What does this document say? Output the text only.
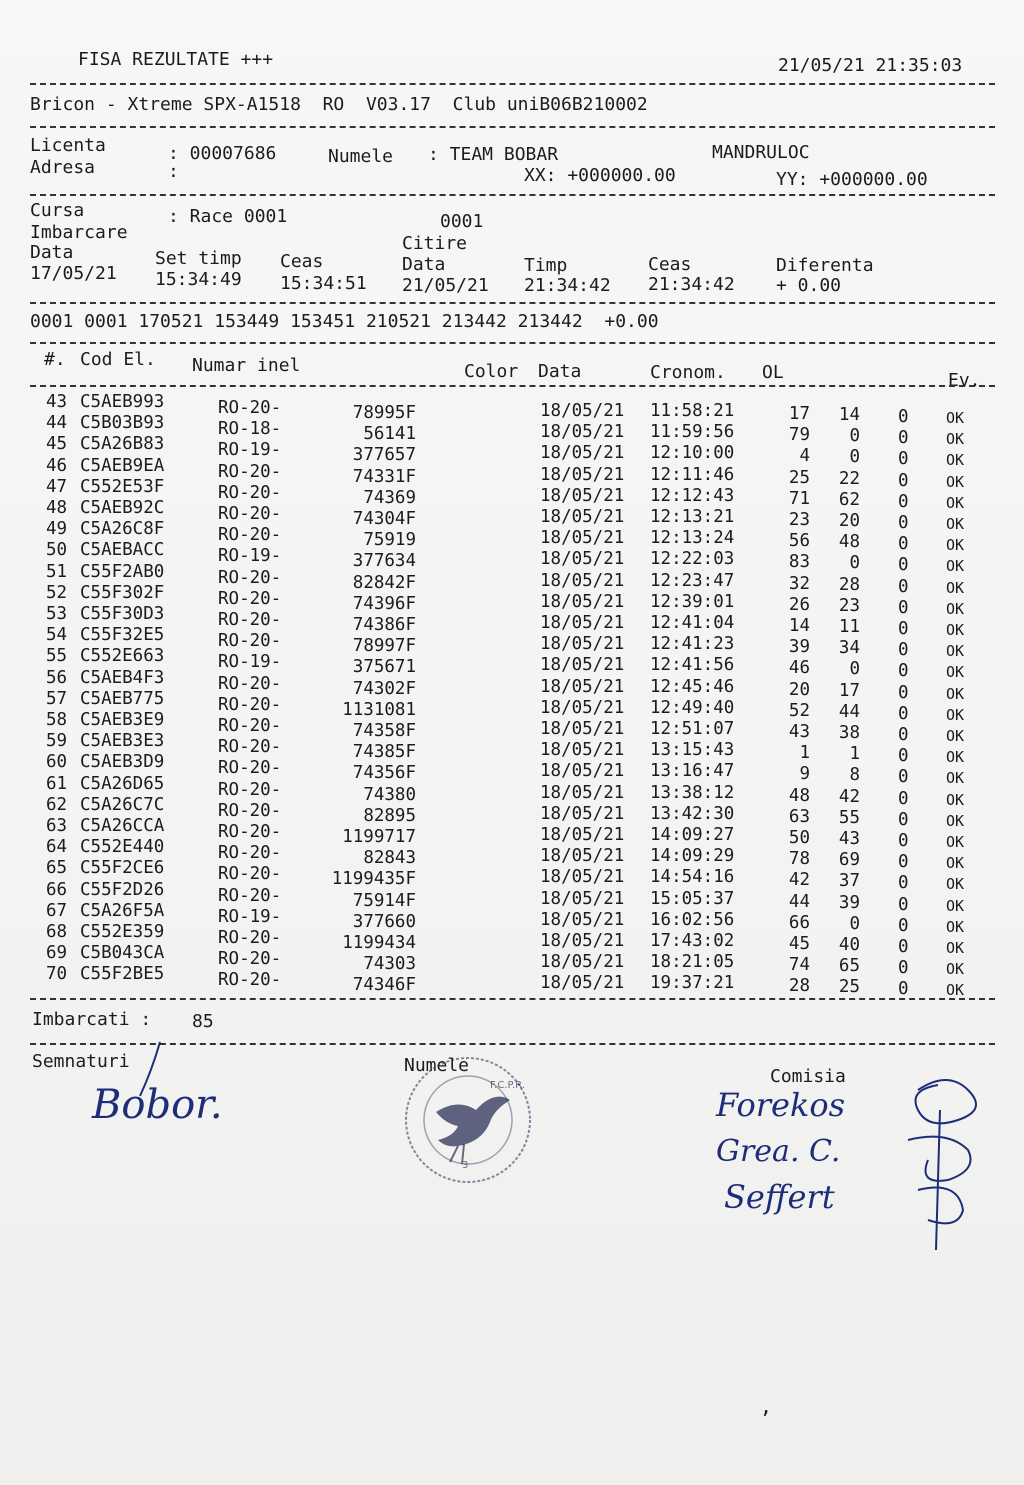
FISA REZULTATE +++	21/05/21 21:35:03
Bricon - Xtreme SPX-A1518  RO  V03.17  Club uniB06B210002
Licenta	: 00007686	Numele : TEAM BOBAR	MANDRULOC
Adresa	:	XX: +000000.00	YY: +000000.00
Cursa	: Race 0001	0001
Imbarcare
Citire
Data	Set timp Ceas	Data	Timp	Ceas	Diferenta
17/05/21 15:34:49 15:34:51 21/05/21 21:34:42 21:34:42 + 0.00
0001 0001 170521 153449 153451 210521 213442 213442  +0.00
#. Cod El. Numar inel	Color Data	Cronom. OL	Ev.
43 C5AEB993	RO-20-	78995F	18/05/21 11:58:21	17 14 0 OK
44 C5B03B93	RO-18-	56141	18/05/21 11:59:56	79 0 0 OK
45 C5A26B83	RO-19-	377657	18/05/21 12:10:00	4 0 0 OK
46 C5AEB9EA	RO-20-	74331F	18/05/21 12:11:46	25 22 0 OK
47 C552E53F	RO-20-	74369	18/05/21 12:12:43	71 62 0 OK
48 C5AEB92C	RO-20-	74304F	18/05/21 12:13:21	23 20 0 OK
49 C5A26C8F	RO-20-	75919	18/05/21 12:13:24	56 48 0 OK
50 C5AEBACC	RO-19-	377634	18/05/21 12:22:03	83 0 0 OK
51 C55F2AB0	RO-20-	82842F	18/05/21 12:23:47	32 28 0 OK
52 C55F302F	RO-20-	74396F	18/05/21 12:39:01	26 23 0 OK
53 C55F30D3	RO-20-	74386F	18/05/21 12:41:04	14 11 0 OK
54 C55F32E5	RO-20-	78997F	18/05/21 12:41:23	39 34 0 OK
55 C552E663	RO-19-	375671	18/05/21 12:41:56	46 0 0 OK
56 C5AEB4F3	RO-20-	74302F	18/05/21 12:45:46	20 17 0 OK
57 C5AEB775	RO-20-	1131081	18/05/21 12:49:40	52 44 0 OK
58 C5AEB3E9	RO-20-	74358F	18/05/21 12:51:07	43 38 0 OK
59 C5AEB3E3	RO-20-	74385F	18/05/21 13:15:43	1 1 0 OK
60 C5AEB3D9	RO-20-	74356F	18/05/21 13:16:47	9 8 0 OK
61 C5A26D65	RO-20-	74380	18/05/21 13:38:12	48 42 0 OK
62 C5A26C7C	RO-20-	82895	18/05/21 13:42:30	63 55 0 OK
63 C5A26CCA	RO-20-	1199717	18/05/21 14:09:27	50 43 0 OK
64 C552E440	RO-20-	82843	18/05/21 14:09:29	78 69 0 OK
65 C55F2CE6	RO-20-	1199435F	18/05/21 14:54:16	42 37 0 OK
66 C55F2D26	RO-20-	75914F	18/05/21 15:05:37	44 39 0 OK
67 C5A26F5A	RO-19-	377660	18/05/21 16:02:56	66 0 0 OK
68 C552E359	RO-20-	1199434	18/05/21 17:43:02	45 40 0 OK
69 C5B043CA	RO-20-	74303	18/05/21 18:21:05	74 65 0 OK
70 C55F2BE5	RO-20-	74346F	18/05/21 19:37:21	28 25 0 OK
Imbarcati : 85
Semnaturi	Numele
Comisia
Bobor.	F.C.P.R.
3
Forekos
Grea. C.
Seffert
,
